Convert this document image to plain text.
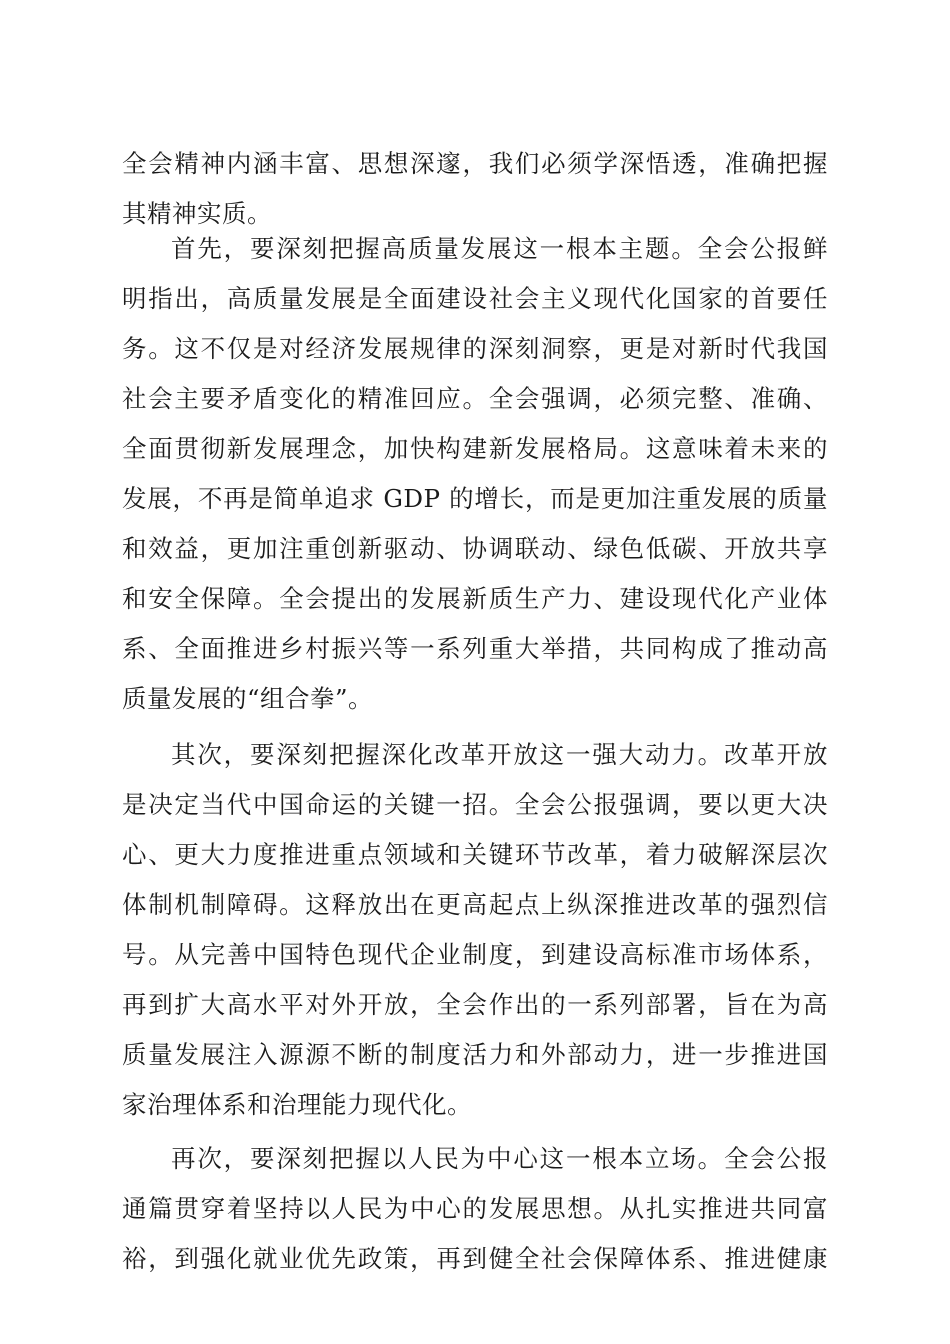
全会精神内涵丰富、思想深邃，我们必须学深悟透，准确把握
其精神实质。
首先，要深刻把握高质量发展这一根本主题。全会公报鲜
明指出，高质量发展是全面建设社会主义现代化国家的首要任
务。这不仅是对经济发展规律的深刻洞察，更是对新时代我国
社会主要矛盾变化的精准回应。全会强调，必须完整、准确、
全面贯彻新发展理念，加快构建新发展格局。这意味着未来的
发展，不再是简单追求 GDP 的增长，而是更加注重发展的质量
和效益，更加注重创新驱动、协调联动、绿色低碳、开放共享
和安全保障。全会提出的发展新质生产力、建设现代化产业体
系、全面推进乡村振兴等一系列重大举措，共同构成了推动高
质量发展的“组合拳”。
其次，要深刻把握深化改革开放这一强大动力。改革开放
是决定当代中国命运的关键一招。全会公报强调，要以更大决
心、更大力度推进重点领域和关键环节改革，着力破解深层次
体制机制障碍。这释放出在更高起点上纵深推进改革的强烈信
号。从完善中国特色现代企业制度，到建设高标准市场体系，
再到扩大高水平对外开放，全会作出的一系列部署，旨在为高
质量发展注入源源不断的制度活力和外部动力，进一步推进国
家治理体系和治理能力现代化。
再次，要深刻把握以人民为中心这一根本立场。全会公报
通篇贯穿着坚持以人民为中心的发展思想。从扎实推进共同富
裕，到强化就业优先政策，再到健全社会保障体系、推进健康
